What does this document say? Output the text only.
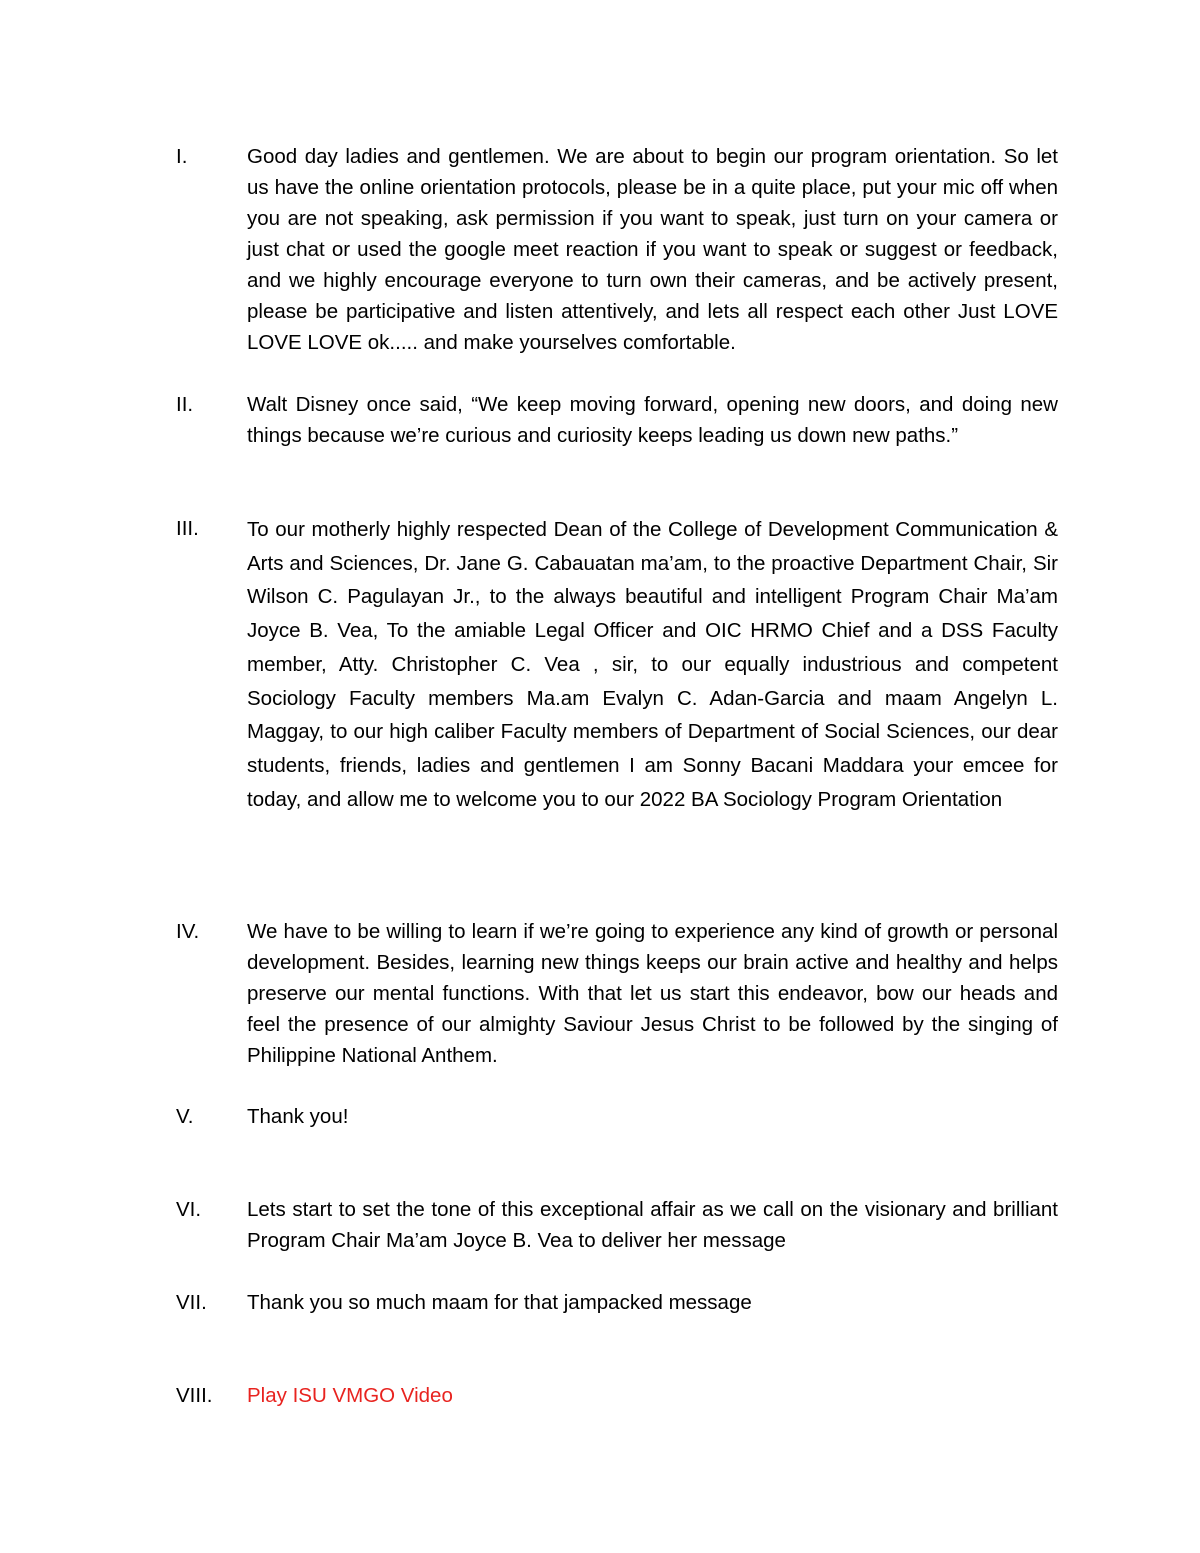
I.	Good day ladies and gentlemen. We are about to begin our program orientation. So let us have the online orientation protocols, please be in a quite place, put your mic off when you are not speaking, ask permission if you want to speak, just turn on your camera or just chat or used the google meet reaction if you want to speak or suggest or feedback, and we highly encourage everyone to turn own their cameras, and be actively present, please be participative and listen attentively, and lets all respect each other Just LOVE LOVE LOVE ok..... and make yourselves comfortable.
II.	Walt Disney once said, “We keep moving forward, opening new doors, and doing new things because we’re curious and curiosity keeps leading us down new paths.”
III. To our motherly highly respected Dean of the College of Development Communication & Arts and Sciences, Dr. Jane G. Cabauatan ma’am, to the proactive Department Chair, Sir Wilson C. Pagulayan Jr., to the always beautiful and intelligent Program Chair Ma’am Joyce B. Vea, To the amiable Legal Officer and OIC HRMO Chief and a DSS Faculty member, Atty. Christopher C. Vea , sir, to our equally industrious and competent Sociology Faculty members Ma.am Evalyn C. Adan-Garcia and maam Angelyn L. Maggay, to our high caliber Faculty members of Department of Social Sciences, our dear students, friends, ladies and gentlemen I am Sonny Bacani Maddara your emcee for today, and allow me to welcome you to our 2022 BA Sociology Program Orientation
IV. We have to be willing to learn if we’re going to experience any kind of growth or personal development. Besides, learning new things keeps our brain active and healthy and helps preserve our mental functions. With that let us start this endeavor, bow our heads and feel the presence of our almighty Saviour Jesus Christ to be followed by the singing of Philippine National Anthem.
V.	Thank you!
VI. Lets start to set the tone of this exceptional affair as we call on the visionary and brilliant Program Chair Ma’am Joyce B. Vea to deliver her message
VII. Thank you so much maam for that jampacked message
VIII. Play ISU VMGO Video
